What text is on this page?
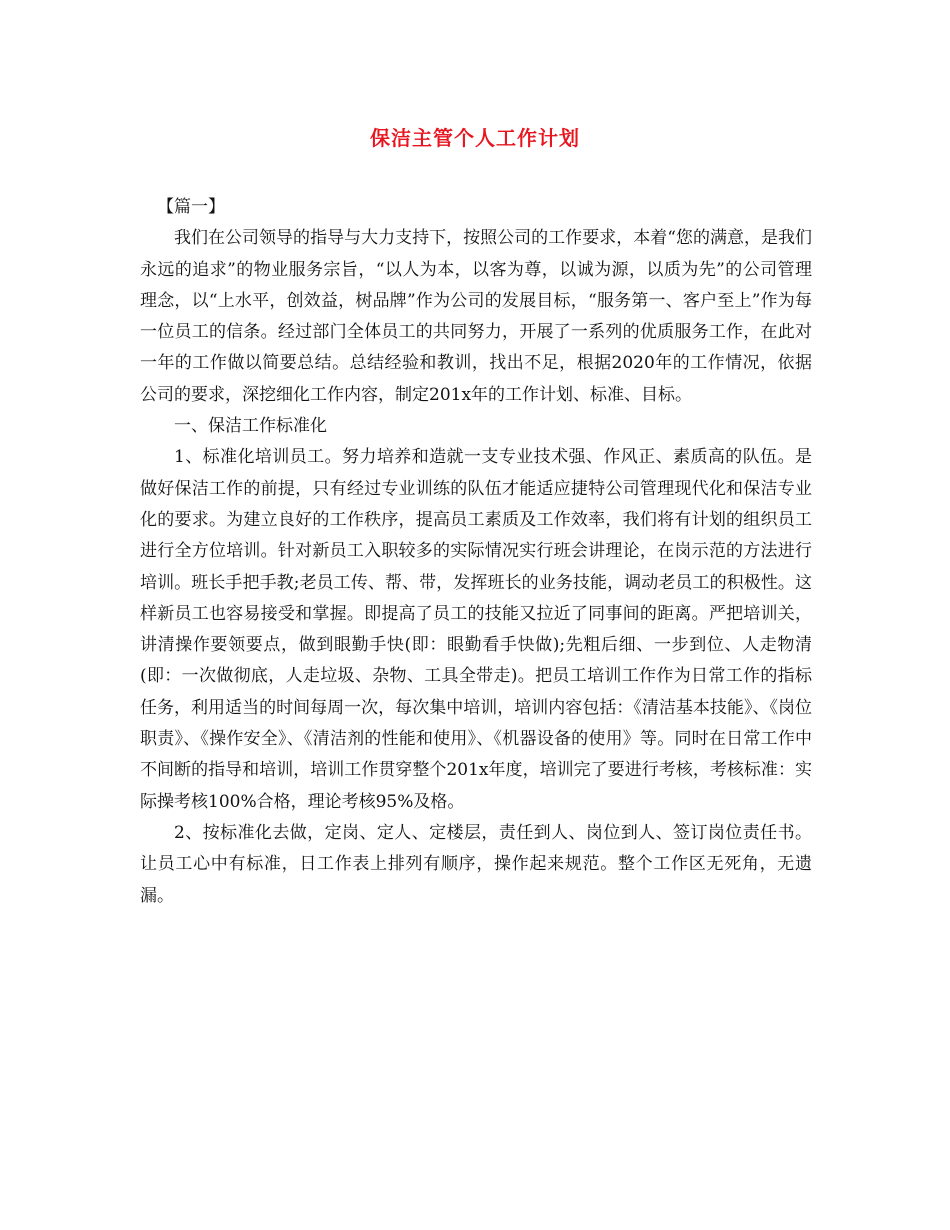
保洁主管个人工作计划

【篇一】

我们在公司领导的指导与大力支持下，按照公司的工作要求，本着“您的满意，是我们永远的追求”的物业服务宗旨，“以人为本，以客为尊，以诚为源，以质为先”的公司管理理念，以“上水平，创效益，树品牌”作为公司的发展目标，“服务第一、客户至上”作为每一位员工的信条。经过部门全体员工的共同努力，开展了一系列的优质服务工作，在此对一年的工作做以简要总结。总结经验和教训，找出不足，根据2020年的工作情况，依据公司的要求，深挖细化工作内容，制定201x年的工作计划、标准、目标。

一、保洁工作标准化

1、标准化培训员工。努力培养和造就一支专业技术强、作风正、素质高的队伍。是做好保洁工作的前提，只有经过专业训练的队伍才能适应捷特公司管理现代化和保洁专业化的要求。为建立良好的工作秩序，提高员工素质及工作效率，我们将有计划的组织员工进行全方位培训。针对新员工入职较多的实际情况实行班会讲理论，在岗示范的方法进行培训。班长手把手教;老员工传、帮、带，发挥班长的业务技能，调动老员工的积极性。这样新员工也容易接受和掌握。即提高了员工的技能又拉近了同事间的距离。严把培训关，讲清操作要领要点，做到眼勤手快(即：眼勤看手快做);先粗后细、一步到位、人走物清(即：一次做彻底，人走垃圾、杂物、工具全带走)。把员工培训工作作为日常工作的指标任务，利用适当的时间每周一次，每次集中培训，培训内容包括：《清洁基本技能》、《岗位职责》、《操作安全》、《清洁剂的性能和使用》、《机器设备的使用》等。同时在日常工作中不间断的指导和培训，培训工作贯穿整个201x年度，培训完了要进行考核，考核标准：实际操考核100%合格，理论考核95%及格。

2、按标准化去做，定岗、定人、定楼层，责任到人、岗位到人、签订岗位责任书。让员工心中有标准，日工作表上排列有顺序，操作起来规范。整个工作区无死角，无遗漏。
